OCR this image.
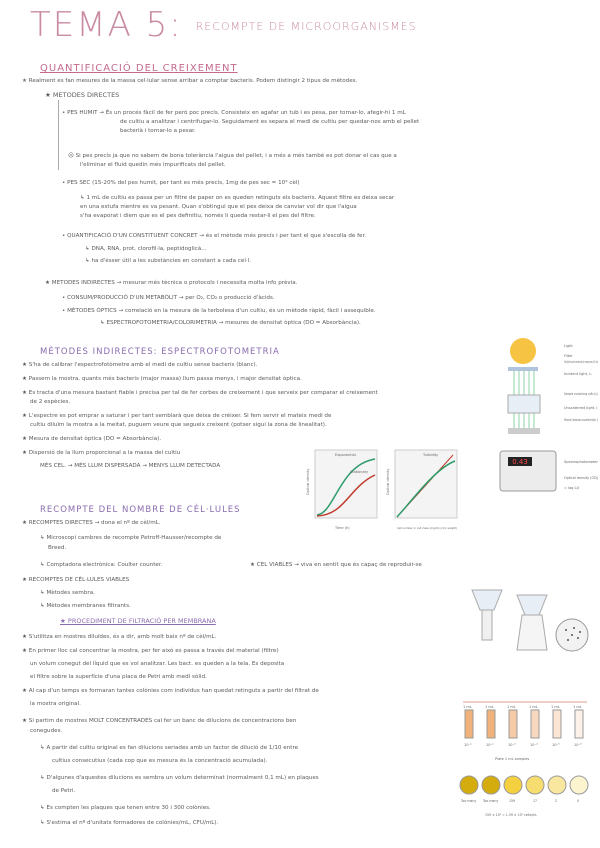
TEMA 5: RECOMPTE DE MICROORGANISMES
QUANTIFICACIÓ DEL CREIXEMENT
★ Realment es fan mesures de la massa cel·lular sense arribar a comptar bacteris. Podem distingir 2 tipus de mètodes.
★ METODES DIRECTES
• PES HUMIT → És un procés fàcil de fer però poc precís. Consisteix en agafar un tub i es pesa, per tornar-lo, afegir-hi 1 mL
de cultiu a analitzar i centrifugar-lo. Seguidament es separa el medi de cultiu per quedar-nos amb el pellet
bacterià i tornar-lo a pesar.
☹ Si pes precís ja que no sabem de bona tolerància l'aigua del pellet, i a més a més també es pot donar el cas que a
l'eliminar el fluid quedin més impurificats del pellet.
• PES SEC (15-20% del pes humit, per tant es més precís, 1mg de pes sec = 10⁹ cèl)
↳ 1 mL de cultiu es passa per un filtre de paper on es queden retinguts els bacteris. Aquest filtre es deixa secar
en una estufa mentre es va pesant. Quan s'obtingui que el pes deixa de canviar vol dir que l'aigua
s'ha evaporat i diem que es el pes definitiu, només li queda restar-li el pes del filtre.
• QUANTIFICACIÓ D'UN CONSTITUENT CONCRET → és el mètode més precís i per tant el que s'escolla de fer.
↳ DNA, RNA, prot, clorofil·la, peptidoglicà...
↳ ha d'ésser útil a les substàncies en constant a cada cel·l.
★ METODES INDIRECTES → mesurar més tècnica o protocols i necessita molta info prèvia.
• CONSUM/PRODUCCIÓ D'UN METABÒLIT → per O₂, CO₂ o producció d'àcids.
• MÈTODES ÒPTICS → correlació en la mesura de la terbolesa d'un cultiu, és un mètode ràpid, fàcil i assequible.
↳ ESPECTROFOTOMETRIA/COLORIMETRIA → mesures de densitat òptica (DO = Absorbància).
MÈTODES INDIRECTES: ESPECTROFOTOMETRIA
★ S'ha de calibrar l'espectrofotòmetre amb el medi de cultiu sense bacteris (blanc).
★ Passem la mostra, quants més bacteris (major massa) llum passa menys, i major densitat òptica.
★ Es tracta d'una mesura bastant fiable i precisa per tal de fer corbes de creixement i que serveix per comparar el creixement
de 2 espècies.
★ L'espectre es pot emprar a saturar i per tant semblarà que deixa de créixer. Si fem servir el mateix medi de
cultiu diluïm la mostra a la meitat, puguem veure que segueix creixent (potser sigui la zona de linealitat).
★ Mesura de densitat òptica (DO = Absorbància).
★ Dispersió de la llum proporcional a la massa del cultiu
MÉS CEL. → MÉS LLUM DISPERSADA → MENYS LLUM DETECTADA	0.43
Light
Filter
Filter/light of specific wavelength (for example green, 540 nm)
Incident light, I₀
Sample containing cells (I₀)
Unscattered light, I
Photocell (measures unscattered light, I)
Spectrophotometer
Optical density (OD)
= log I₀/I
Exponential
Stationary
Time (h)
Optical density
Turbidity
Cell number or cell mass (mg/mL) (dry weight)
Optical density
RECOMPTE DEL NOMBRE DE CÈL·LULES
★ RECOMPTES DIRECTES → dona el nº de cèl/mL.
↳ Microscopi cambres de recompte Petroff-Hausser/recompte de
Breed.
↳ Comptadora electrònica: Coulter counter.	★ CEL VIABLES → viva en sentit que és capaç de reproduir-se
★ RECOMPTES DE CÈL·LULES VIABLES
↳ Mètodes sembra.
↳ Mètodes membranes filtrants.
★ PROCEDIMENT DE FILTRACIÓ PER MEMBRANA
★ S'utilitza en mostres diluïdes, és a dir, amb molt baix nº de cèl/mL.
★ En primer lloc cal concentrar la mostra, per fer això es passa a través del material (filtre)
un volum conegut del líquid que es vol analitzar. Les bact. es queden a la tela. Es deposita
el filtre sobre la superfície d'una placa de Petri amb medi sòlid.
★ Al cap d'un temps es formaran tantes colònies com individus han quedat retinguts a partir del filtrat de
la mostra original.
★ Si partim de mostres MOLT CONCENTRADES cal fer un banc de dilucions de concentracions ben
conegudes.
↳ A partir del cultiu original es fan dilucions seriades amb un factor de dilució de 1/10 entre
cultius consecutius (cada cop que es mesura és la concentració acumulada).
↳ D'algunes d'aquestes dilucions es sembra un volum determinat (normalment 0,1 mL) en plaques
de Petri.
↳ Es compten les plaques que tenen entre 30 i 300 colònies.
↳ S'estima el nº d'unitats formadores de colònies/mL, CFU/mL).
1 mL	1 mL	1 mL	1 mL	1 mL	1 mL
10⁻¹	10⁻²	10⁻³	10⁻⁴	10⁻⁵	10⁻⁶
Plate 1 mL samples
Too many	Too many	159	17	2	0
159 × 10³ = 1.59 × 10⁵ cells/mL
